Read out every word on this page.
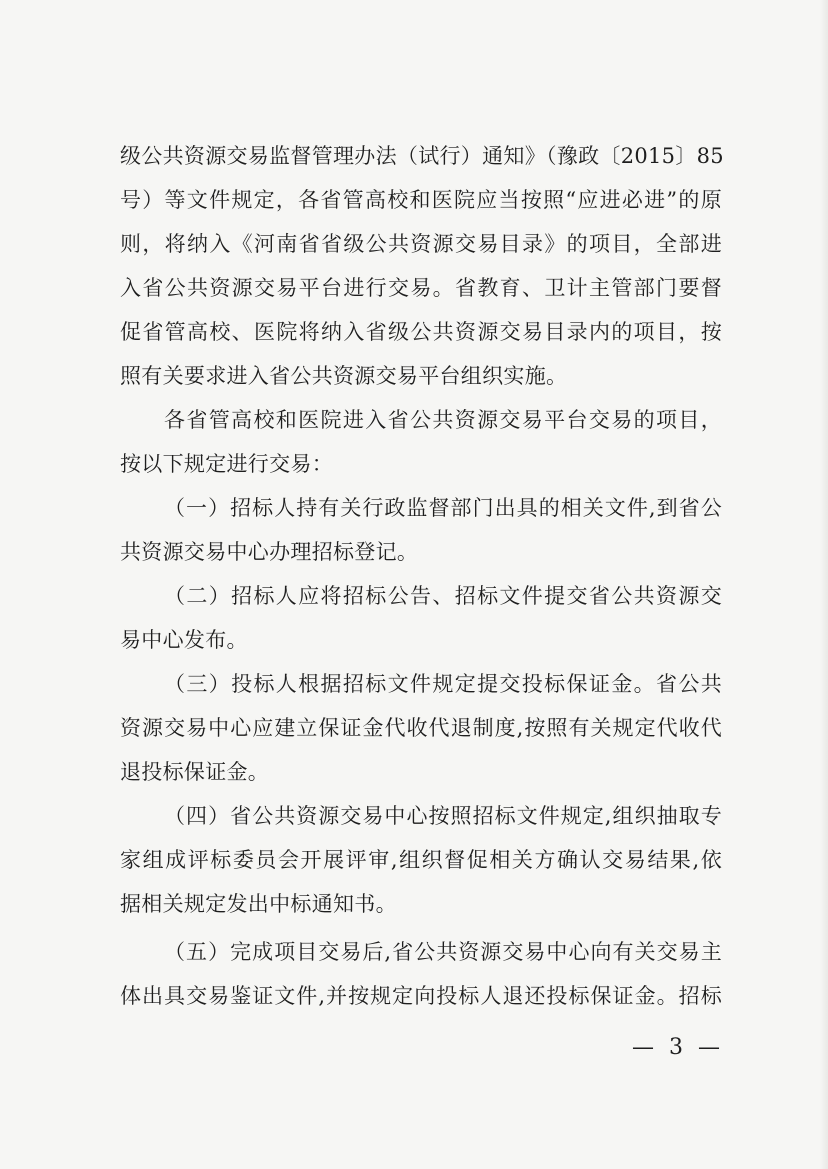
级公共资源交易监督管理办法（试行）通知》（豫政〔2015〕85
号）等文件规定，各省管高校和医院应当按照“应进必进”的原
则，将纳入《河南省省级公共资源交易目录》的项目，全部进
入省公共资源交易平台进行交易。省教育、卫计主管部门要督
促省管高校、医院将纳入省级公共资源交易目录内的项目，按
照有关要求进入省公共资源交易平台组织实施。
各省管高校和医院进入省公共资源交易平台交易的项目，
按以下规定进行交易：
（一）招标人持有关行政监督部门出具的相关文件,到省公
共资源交易中心办理招标登记。
（二）招标人应将招标公告、招标文件提交省公共资源交
易中心发布。
（三）投标人根据招标文件规定提交投标保证金。省公共
资源交易中心应建立保证金代收代退制度,按照有关规定代收代
退投标保证金。
（四）省公共资源交易中心按照招标文件规定,组织抽取专
家组成评标委员会开展评审,组织督促相关方确认交易结果,依
据相关规定发出中标通知书。
（五）完成项目交易后,省公共资源交易中心向有关交易主
体出具交易鉴证文件,并按规定向投标人退还投标保证金。招标
— 3 —
